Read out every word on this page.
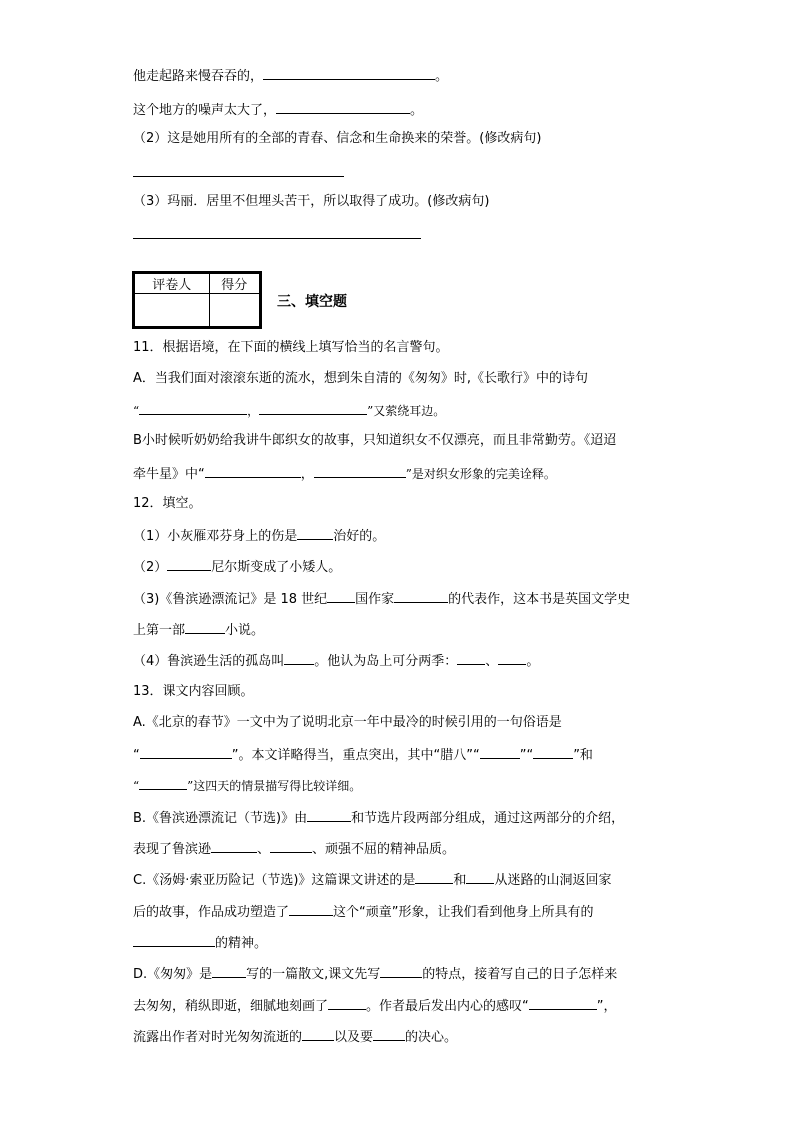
他走起路来慢吞吞的，	。
这个地方的噪声太大了，	。
（2）这是她用所有的全部的青春、信念和生命换来的荣誉。(修改病句)
（3）玛丽．居里不但埋头苦干，所以取得了成功。(修改病句)
评卷人	得分

三、填空题
11．根据语境，在下面的横线上填写恰当的名言警句。
A．当我们面对滚滚东逝的流水，想到朱自清的《匆匆》时,《长歌行》中的诗句
“	，	”又萦绕耳边。
B小时候听奶奶给我讲牛郎织女的故事，只知道织女不仅漂亮，而且非常勤劳。《迢迢
牵牛星》中“	，	”是对织女形象的完美诠释。
12．填空。
（1）小灰雁邓芬身上的伤是	治好的。
（2）	尼尔斯变成了小矮人。
（3)《鲁滨逊漂流记》是 18 世纪 国作家	的代表作，这本书是英国文学史
上第一部	小说。
（4）鲁滨逊生活的孤岛叫 。他认为岛上可分两季： 、 。
13．课文内容回顾。
A.《北京的春节》一文中为了说明北京一年中最冷的时候引用的一句俗语是
“	”。本文详略得当，重点突出，其中“腊八”“	”“	”和
“	”这四天的情景描写得比较详细。
B.《鲁滨逊漂流记（节选)》由	和节选片段两部分组成，通过这两部分的介绍，
表现了鲁滨逊	、	、顽强不屈的精神品质。
C.《汤姆·索亚历险记（节选)》这篇课文讲述的是	和 从迷路的山洞返回家
后的故事，作品成功塑造了	这个“顽童”形象，让我们看到他身上所具有的
的精神。
D.《匆匆》是	写的一篇散文,课文先写	的特点，接着写自己的日子怎样来
去匆匆，稍纵即逝，细腻地刻画了	。作者最后发出内心的感叹“	”，
流露出作者对时光匆匆流逝的 以及要 的决心。
